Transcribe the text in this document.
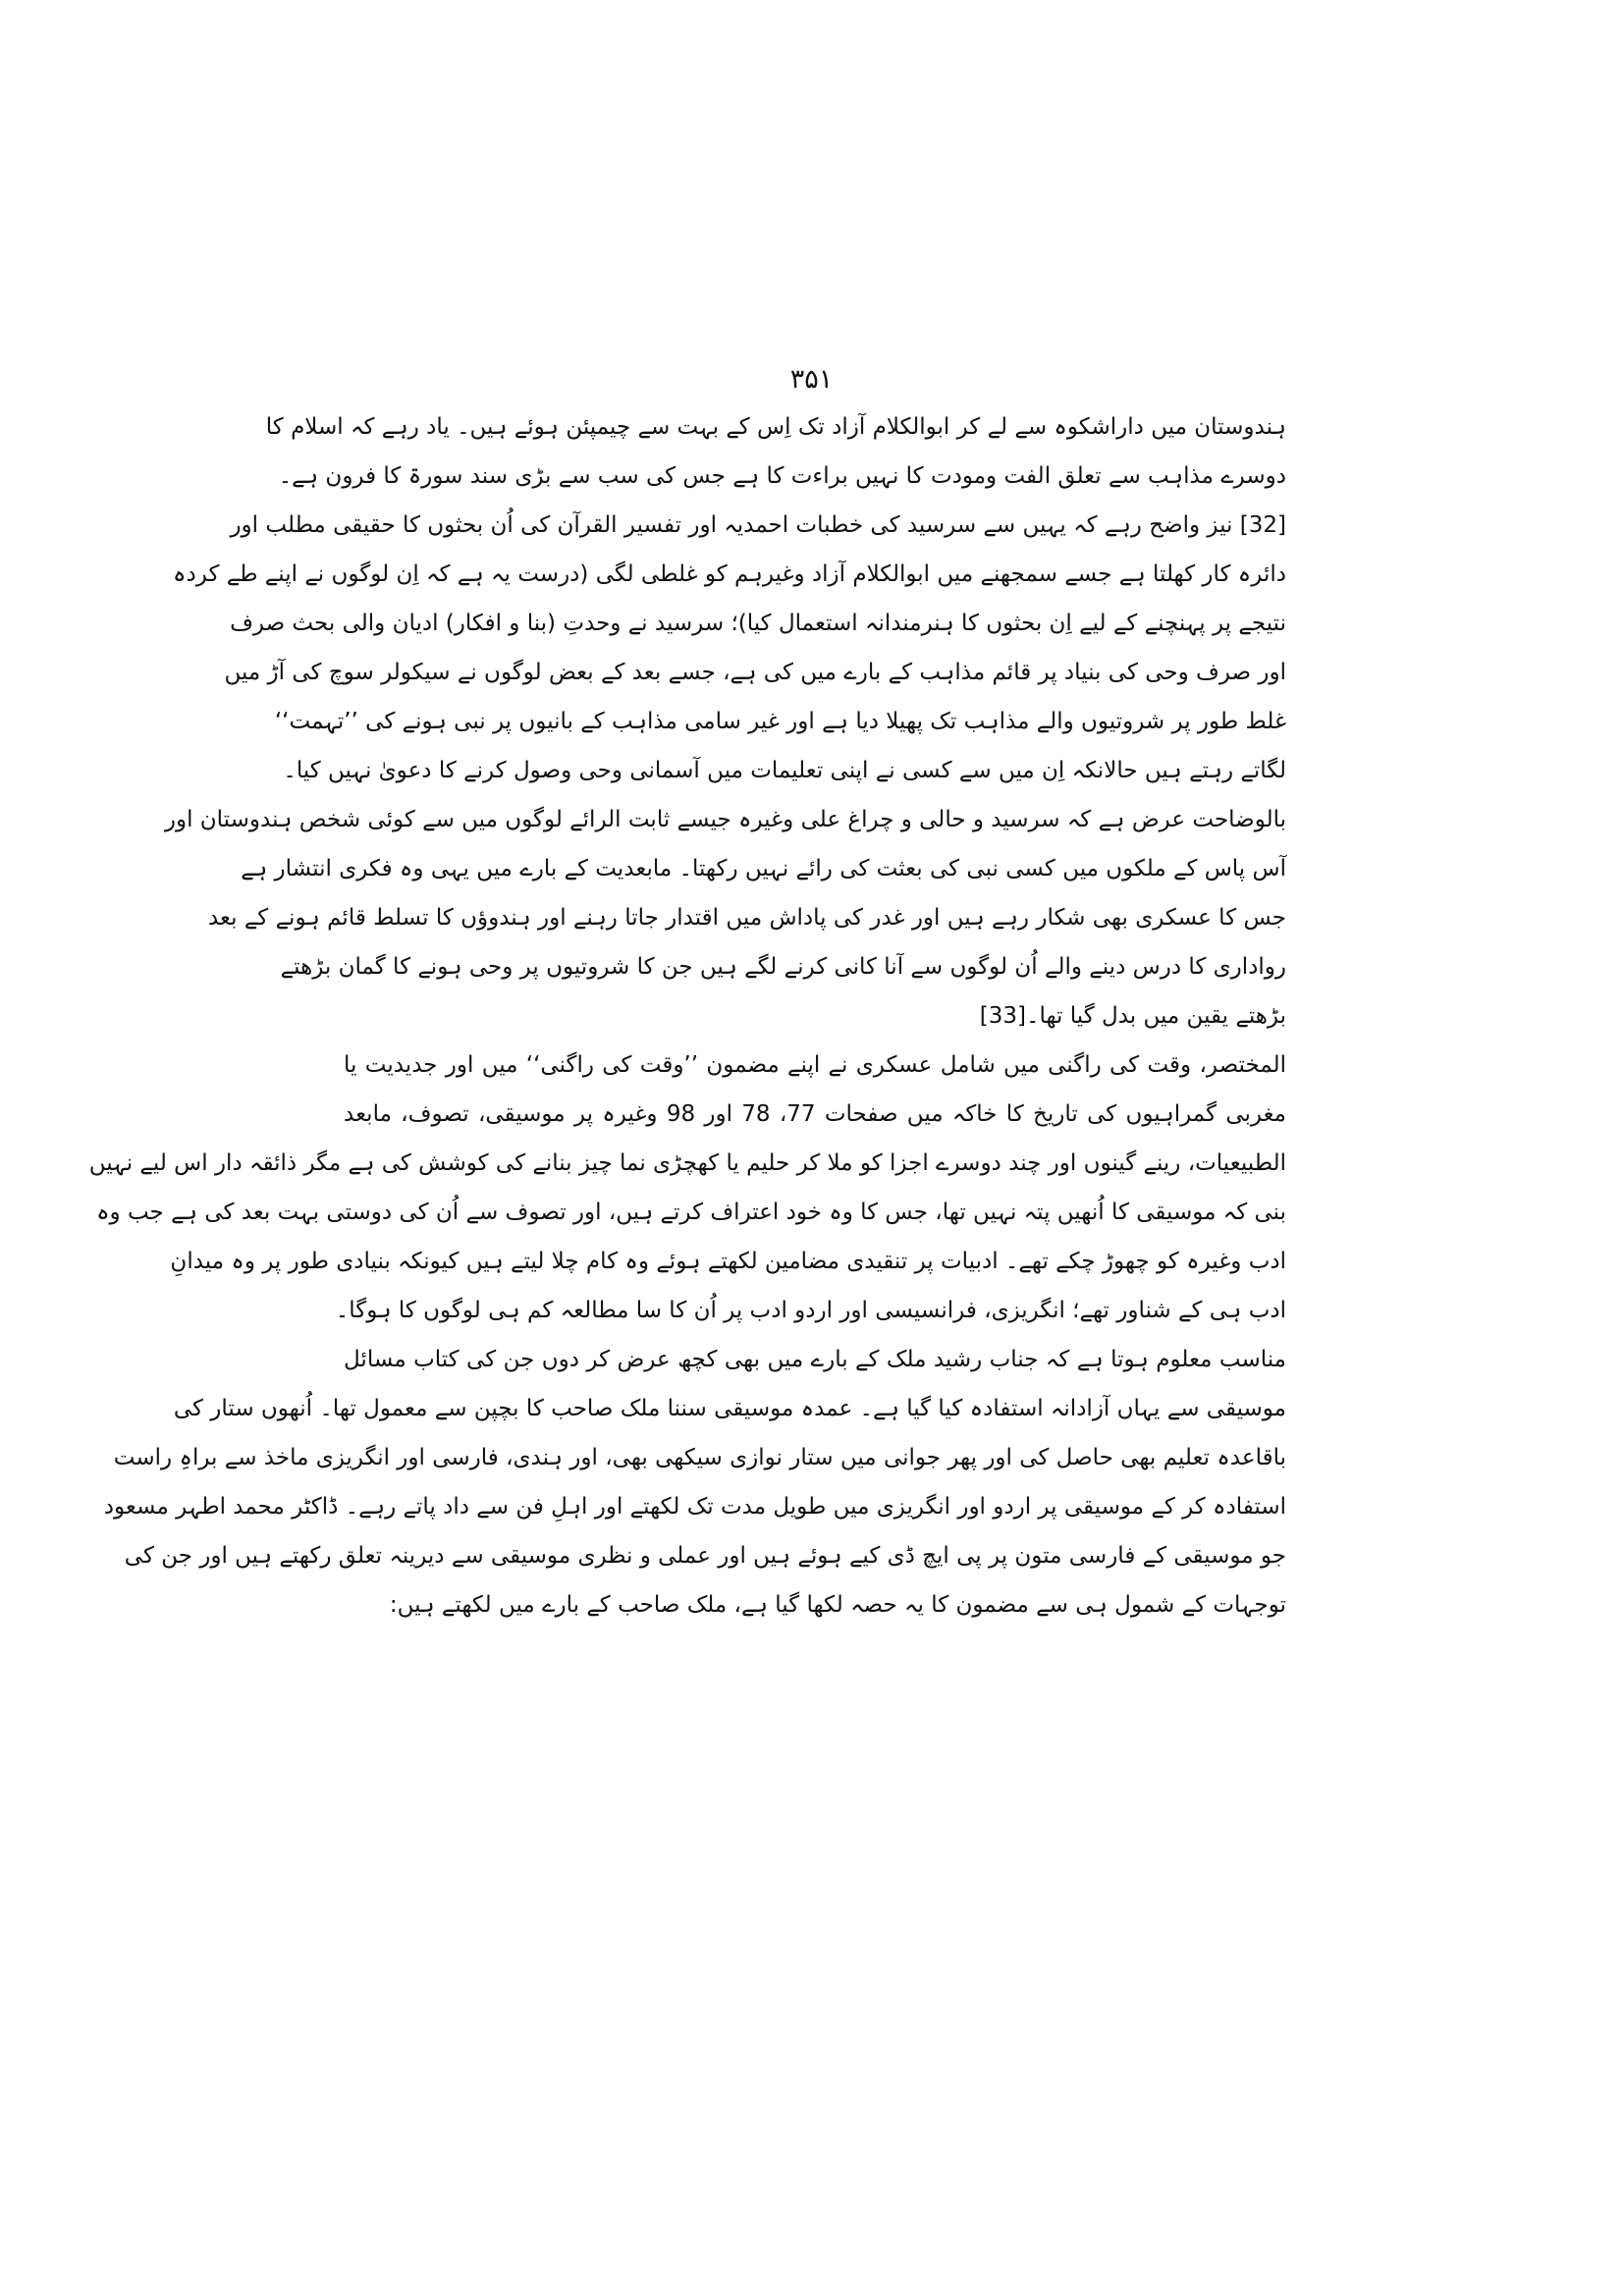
۳۵۱
ہندوستان میں داراشکوہ سے لے کر ابوالکلام آزاد تک اِس کے بہت سے چیمپئن ہوئے ہیں۔ یاد رہے کہ اسلام کا
دوسرے مذاہب سے تعلق الفت ومودت کا نہیں براءت کا ہے جس کی سب سے بڑی سند سورۃ کا فرون ہے۔
[32] نیز واضح رہے کہ یہیں سے سرسید کی خطبات احمدیہ اور تفسیر القرآن کی اُن بحثوں کا حقیقی مطلب اور
دائرہ کار کھلتا ہے جسے سمجھنے میں ابوالکلام آزاد وغیرہم کو غلطی لگی (درست یہ ہے کہ اِن لوگوں نے اپنے طے کردہ
نتیجے پر پہنچنے کے لیے اِن بحثوں کا ہنرمندانہ استعمال کیا)؛ سرسید نے وحدتِ (بنا و افکار) ادیان والی بحث صرف
اور صرف وحی کی بنیاد پر قائم مذاہب کے بارے میں کی ہے، جسے بعد کے بعض لوگوں نے سیکولر سوچ کی آڑ میں
غلط طور پر شروتیوں والے مذاہب تک پھیلا دیا ہے اور غیر سامی مذاہب کے بانیوں پر نبی ہونے کی ’’تہمت‘‘
لگاتے رہتے ہیں حالانکہ اِن میں سے کسی نے اپنی تعلیمات میں آسمانی وحی وصول کرنے کا دعویٰ نہیں کیا۔
بالوضاحت عرض ہے کہ سرسید و حالی و چراغ علی وغیرہ جیسے ثابت الرائے لوگوں میں سے کوئی شخص ہندوستان اور
آس پاس کے ملکوں میں کسی نبی کی بعثت کی رائے نہیں رکھتا۔ مابعدیت کے بارے میں یہی وہ فکری انتشار ہے
جس کا عسکری بھی شکار رہے ہیں اور غدر کی پاداش میں اقتدار جاتا رہنے اور ہندوؤں کا تسلط قائم ہونے کے بعد
رواداری کا درس دینے والے اُن لوگوں سے آنا کانی کرنے لگے ہیں جن کا شروتیوں پر وحی ہونے کا گمان بڑھتے
بڑھتے یقین میں بدل گیا تھا۔[33]
المختصر، وقت کی راگنی میں شامل عسکری نے اپنے مضمون ’’وقت کی راگنی‘‘ میں اور جدیدیت یا
مغربی گمراہیوں کی تاریخ کا خاکہ میں صفحات 77، 78 اور 98 وغیرہ پر موسیقی، تصوف، مابعد
الطبیعیات، رینے گینوں اور چند دوسرے اجزا کو ملا کر حلیم یا کھچڑی نما چیز بنانے کی کوشش کی ہے مگر ذائقہ دار اس لیے نہیں
بنی کہ موسیقی کا اُنھیں پتہ نہیں تھا، جس کا وہ خود اعتراف کرتے ہیں، اور تصوف سے اُن کی دوستی بہت بعد کی ہے جب وہ
ادب وغیرہ کو چھوڑ چکے تھے۔ ادبیات پر تنقیدی مضامین لکھتے ہوئے وہ کام چلا لیتے ہیں کیونکہ بنیادی طور پر وہ میدانِ
ادب ہی کے شناور تھے؛ انگریزی، فرانسیسی اور اردو ادب پر اُن کا سا مطالعہ کم ہی لوگوں کا ہوگا۔
مناسب معلوم ہوتا ہے کہ جناب رشید ملک کے بارے میں بھی کچھ عرض کر دوں جن کی کتاب مسائل
موسیقی سے یہاں آزادانہ استفادہ کیا گیا ہے۔ عمدہ موسیقی سننا ملک صاحب کا بچپن سے معمول تھا۔ اُنھوں ستار کی
باقاعدہ تعلیم بھی حاصل کی اور پھر جوانی میں ستار نوازی سیکھی بھی، اور ہندی، فارسی اور انگریزی ماخذ سے براہِ راست
استفادہ کر کے موسیقی پر اردو اور انگریزی میں طویل مدت تک لکھتے اور اہلِ فن سے داد پاتے رہے۔ ڈاکٹر محمد اطہر مسعود
جو موسیقی کے فارسی متون پر پی ایچ ڈی کیے ہوئے ہیں اور عملی و نظری موسیقی سے دیرینہ تعلق رکھتے ہیں اور جن کی
توجہات کے شمول ہی سے مضمون کا یہ حصہ لکھا گیا ہے، ملک صاحب کے بارے میں لکھتے ہیں:
